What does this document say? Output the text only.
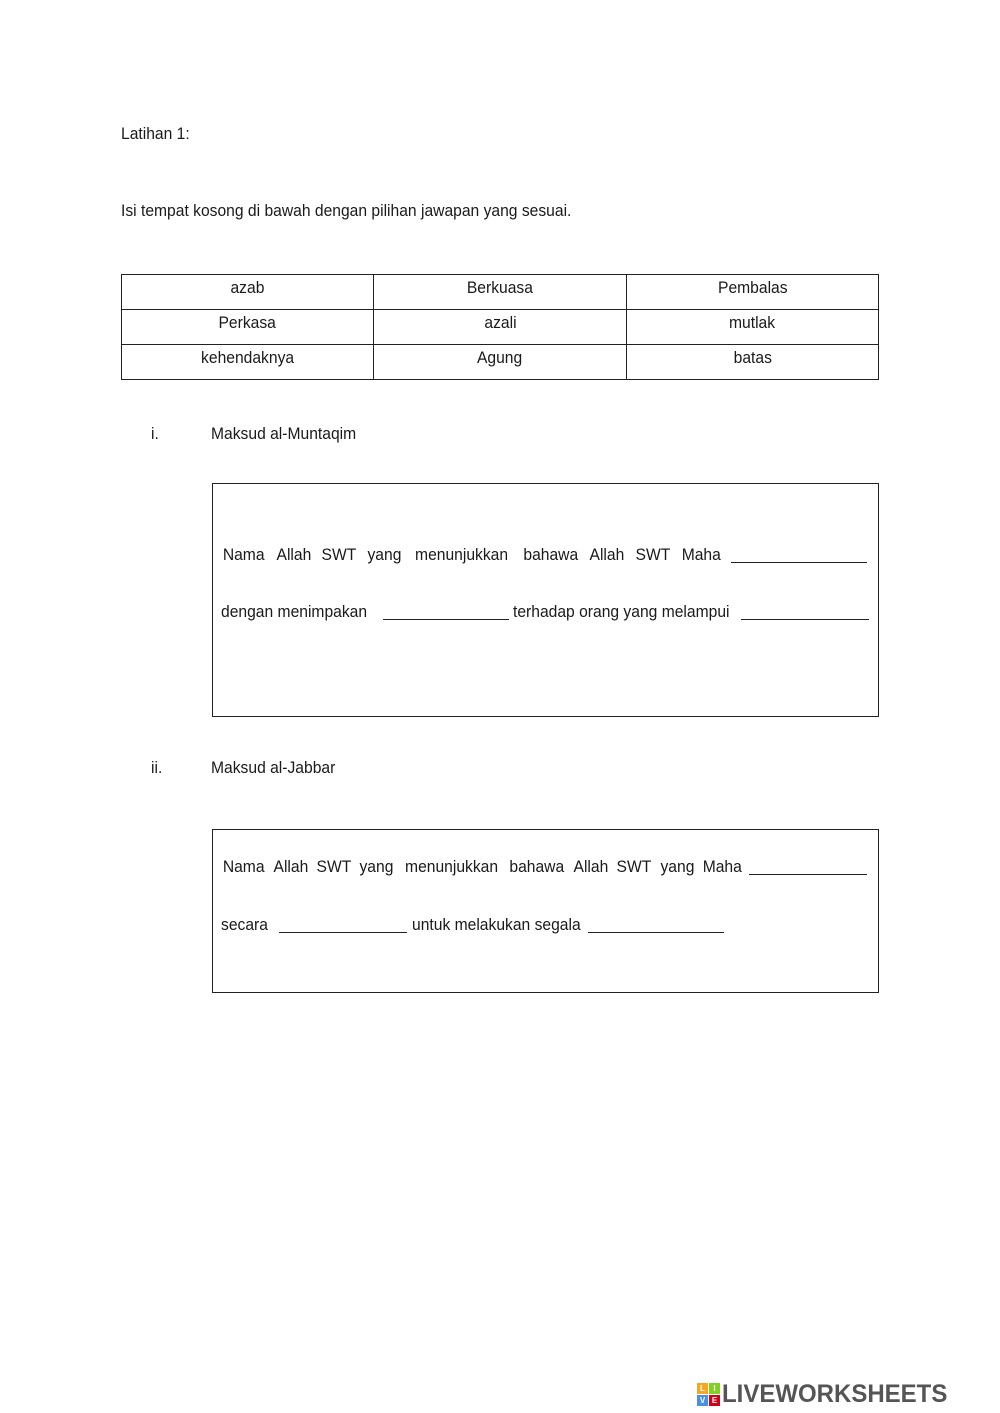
Latihan 1:
Isi tempat kosong di bawah dengan pilihan jawapan yang sesuai.
azab	Berkuasa	Pembalas
Perkasa	azali	mutlak
kehendaknya	Agung	batas
i.	Maksud al-Muntaqim
Nama Allah SWT yang menunjukkan bahawa Allah SWT Maha
dengan menimpakan	terhadap orang yang melampui
ii.	Maksud al-Jabbar
Nama Allah SWT yang menunjukkan bahawa Allah SWT yang Maha
secara	untuk melakukan segala
L	I
V E LIVEWORKSHEETS
